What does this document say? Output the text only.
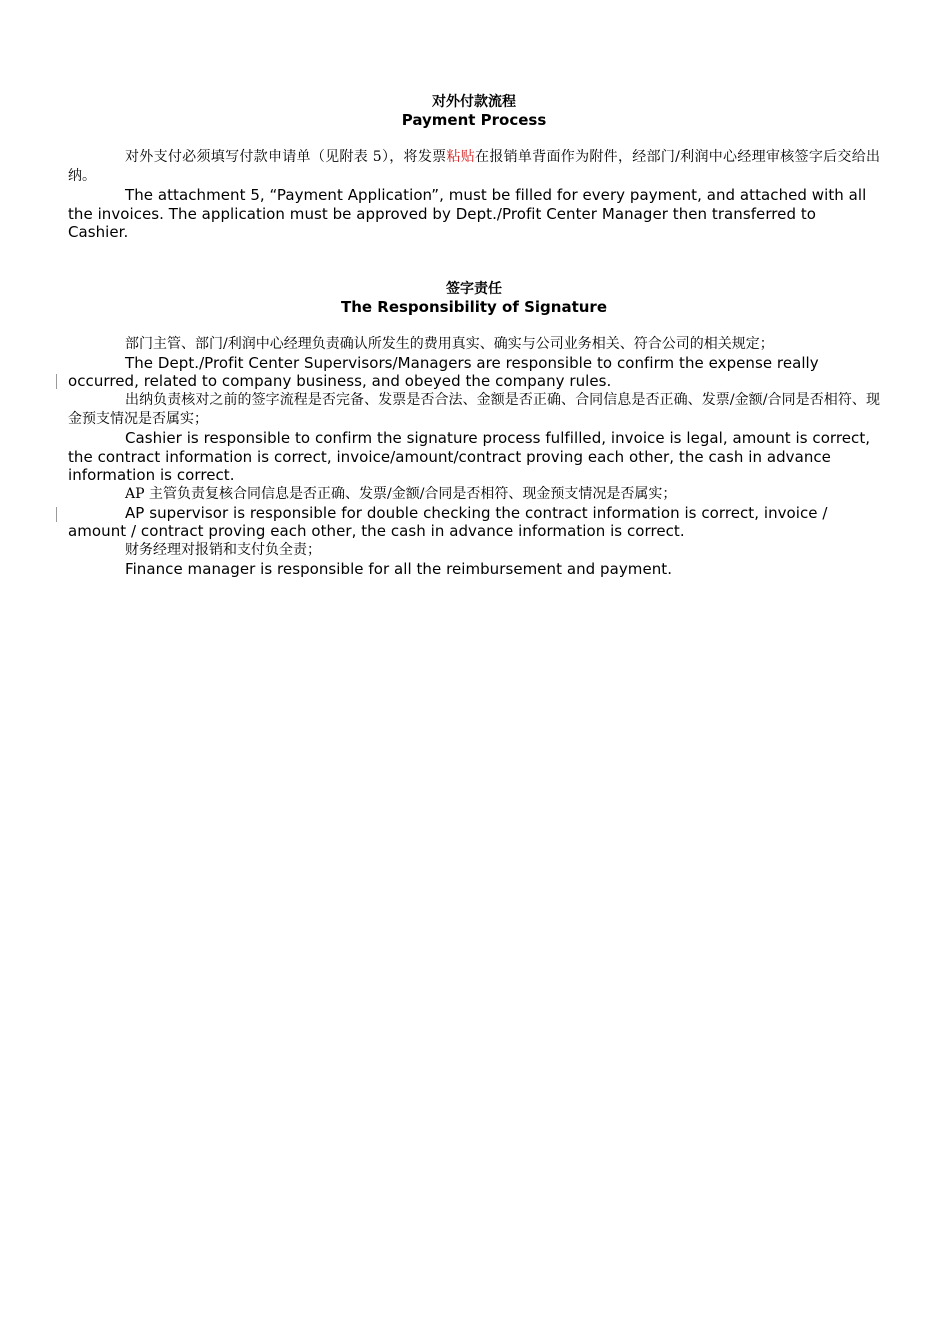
对外付款流程
Payment Process

对外支付必须填写付款申请单（见附表 5），将发票粘贴在报销单背面作为附件，经部门/利润中心经理审核签字后交给出纳。

The attachment 5, “Payment Application”, must be filled for every payment, and attached with all the invoices. The application must be approved by Dept./Profit Center Manager then transferred to Cashier.

签字责任
The Responsibility of Signature

部门主管、部门/利润中心经理负责确认所发生的费用真实、确实与公司业务相关、符合公司的相关规定；

The Dept./Profit Center Supervisors/Managers are responsible to confirm the expense really occurred, related to company business, and obeyed the company rules.

出纳负责核对之前的签字流程是否完备、发票是否合法、金额是否正确、合同信息是否正确、发票/金额/合同是否相符、现金预支情况是否属实；

Cashier is responsible to confirm the signature process fulfilled, invoice is legal, amount is correct, the contract information is correct, invoice/amount/contract proving each other, the cash in advance information is correct.

AP 主管负责复核合同信息是否正确、发票/金额/合同是否相符、现金预支情况是否属实；

AP supervisor is responsible for double checking the contract information is correct, invoice / amount / contract proving each other, the cash in advance information is correct.

财务经理对报销和支付负全责；

Finance manager is responsible for all the reimbursement and payment.
